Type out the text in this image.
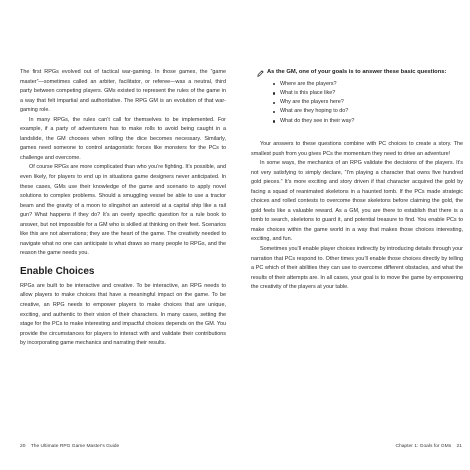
The first RPGs evolved out of tactical war-gaming. In those games, the “game master”—sometimes called an arbiter, facilitator, or referee—was a neutral, third party between competing players. GMs existed to represent the rules of the game in a way that felt impartial and authoritative. The RPG GM is an evolution of that war-gaming role.

In many RPGs, the rules can’t call for themselves to be implemented. For example, if a party of adventurers has to make rolls to avoid being caught in a landslide, the GM chooses when rolling the dice becomes necessary. Similarly, games need someone to control antagonistic forces like monsters for the PCs to challenge and overcome.

Of course RPGs are more complicated than who you’re fighting. It’s possible, and even likely, for players to end up in situations game designers never anticipated. In these cases, GMs use their knowledge of the game and scenario to apply novel solutions to complex problems. Should a smuggling vessel be able to use a tractor beam and the gravity of a moon to slingshot an asteroid at a capital ship like a rail gun? What happens if they do? It’s an overly specific question for a rule book to answer, but not impossible for a GM who is skilled at thinking on their feet. Scenarios like this are not aberrations; they are the heart of the game. The creativity needed to navigate what no one can anticipate is what draws so many people to RPGs, and the reason the game needs you.

Enable Choices

RPGs are built to be interactive and creative. To be interactive, an RPG needs to allow players to make choices that have a meaningful impact on the game. To be creative, an RPG needs to empower players to make choices that are unique, exciting, and authentic to their vision of their characters. In many cases, setting the stage for the PCs to make interesting and impactful choices depends on the GM. You provide the circumstances for players to interact with and validate their contributions by incorporating game mechanics and narrating their results.

As the GM, one of your goals is to answer these basic questions:
Where are the players?
What is this place like?
Why are the players here?
What are they hoping to do?
What do they see in their way?

Your answers to these questions combine with PC choices to create a story. The smallest push from you gives PCs the momentum they need to drive an adventure!

In some ways, the mechanics of an RPG validate the decisions of the players. It’s not very satisfying to simply declare, “I’m playing a character that owns five hundred gold pieces.” It’s more exciting and story driven if that character acquired the gold by facing a squad of reanimated skeletons in a haunted tomb. If the PCs made strategic choices and rolled contests to overcome those skeletons before claiming the gold, the gold feels like a valuable reward. As a GM, you are there to establish that there is a tomb to search, skeletons to guard it, and potential treasure to find. You enable PCs to make choices within the game world in a way that makes those choices interesting, exciting, and fun.

Sometimes you’ll enable player choices indirectly by introducing details through your narration that PCs respond to. Other times you’ll enable those choices directly by telling a PC which of their abilities they can use to overcome different obstacles, and what the results of their attempts are. In all cases, your goal is to move the game by empowering the creativity of the players at your table.

20 The Ultimate RPG Game Master's Guide	Chapter 1: Goals for GMs 21
